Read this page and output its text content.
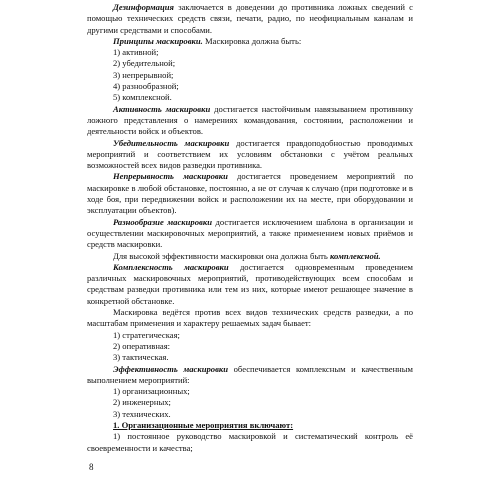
Дезинформация заключается в доведении до противника ложных сведений с помощью технических средств связи, печати, радио, по неофициальным каналам и другими средствами и способами.

Принципы маскировки. Маскировка должна быть:

1) активной;
2) убедительной;
3) непрерывной;
4) разнообразной;
5) комплексной.

Активность маскировки достигается настойчивым навязыванием противнику ложного представления о намерениях командования, состоянии, расположении и деятельности войск и объектов.

Убедительность маскировки достигается правдоподобностью проводимых мероприятий и соответствием их условиям обстановки с учётом реальных возможностей всех видов разведки противника.

Непрерывность маскировки достигается проведением мероприятий по маскировке в любой обстановке, постоянно, а не от случая к случаю (при подготовке и в ходе боя, при передвижении войск и расположении их на месте, при оборудовании и эксплуатации объектов).

Разнообразие маскировки достигается исключением шаблона в организации и осуществлении маскировочных мероприятий, а также применением новых приёмов и средств маскировки.

Для высокой эффективности маскировки она должна быть комплексной.

Комплексность маскировки достигается одновременным проведением различных маскировочных мероприятий, противодействующих всем способам и средствам разведки противника или тем из них, которые имеют решающее значение в конкретной обстановке.

Маскировка ведётся против всех видов технических средств разведки, а по масштабам применения и характеру решаемых задач бывает:

1) стратегическая;
2) оперативная:
3) тактическая.

Эффективность маскировки обеспечивается комплексным и качественным выполнением мероприятий:

1) организационных;
2) инженерных;
3) технических.

1. Организационные мероприятия включают:

1) постоянное руководство маскировкой и систематический контроль её своевременности и качества;

8
